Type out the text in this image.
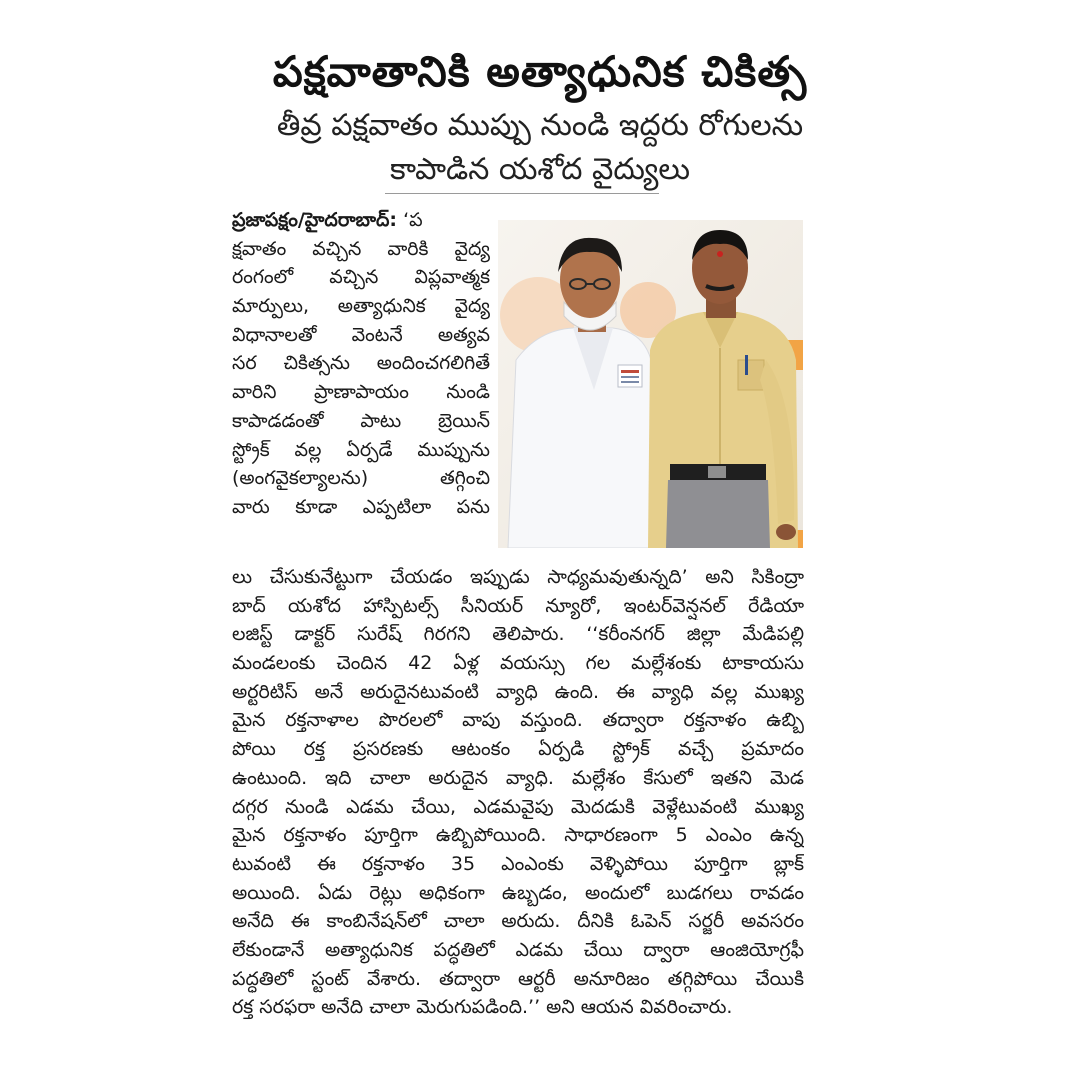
పక్షవాతానికి అత్యాధునిక చికిత్స
తీవ్ర పక్షవాతం ముప్పు నుండి ఇద్దరు రోగులను
కాపాడిన యశోద వైద్యులు
ప్రజాపక్షం/హైదరాబాద్: ‘ప
క్షవాతం వచ్చిన వారికి వైద్య
రంగంలో వచ్చిన విప్లవాత్మక
మార్పులు, అత్యాధునిక వైద్య
విధానాలతో వెంటనే అత్యవ
సర చికిత్సను అందించగలిగితే
వారిని ప్రాణాపాయం నుండి
కాపాడడంతో పాటు బ్రెయిన్
స్ట్రోక్ వల్ల ఏర్పడే ముప్పును
(అంగవైకల్యాలను) తగ్గించి
వారు కూడా ఎప్పటిలా పను
లు చేసుకునేట్టుగా చేయడం ఇప్పుడు సాధ్యమవుతున్నది’ అని సికింద్రా
బాద్ యశోద హాస్పిటల్స్ సీనియర్ న్యూరో, ఇంటర్‌వెన్షనల్ రేడియా
లజిస్ట్ డాక్టర్ సురేష్ గిరగని తెలిపారు. ‘‘కరీంనగర్ జిల్లా మేడిపల్లి
మండలంకు చెందిన 42 ఏళ్ల వయస్సు గల మల్లేశంకు టాకాయసు
అర్టరిటిస్ అనే అరుదైనటువంటి వ్యాధి ఉంది. ఈ వ్యాధి వల్ల ముఖ్య
మైన రక్తనాళాల పొరలలో వాపు వస్తుంది. తద్వారా రక్తనాళం ఉబ్బి
పోయి రక్త ప్రసరణకు ఆటంకం ఏర్పడి స్ట్రోక్ వచ్చే ప్రమాదం
ఉంటుంది. ఇది చాలా అరుదైన వ్యాధి. మల్లేశం కేసులో ఇతని మెడ
దగ్గర నుండి ఎడమ చేయి, ఎడమవైపు మెదడుకి వెళ్లేటువంటి ముఖ్య
మైన రక్తనాళం పూర్తిగా ఉబ్బిపోయింది. సాధారణంగా 5 ఎంఎం ఉన్న
టువంటి ఈ రక్తనాళం 35 ఎంఎంకు వెళ్ళిపోయి పూర్తిగా బ్లాక్
అయింది. ఏడు రెట్లు అధికంగా ఉబ్బడం, అందులో బుడగలు రావడం
అనేది ఈ కాంబినేషన్‌లో చాలా అరుదు. దీనికి ఓపెన్ సర్జరీ అవసరం
లేకుండానే అత్యాధునిక పద్ధతిలో ఎడమ చేయి ద్వారా ఆంజియోగ్రఫీ
పద్ధతిలో స్టంట్ వేశారు. తద్వారా ఆర్టరీ అనూరిజం తగ్గిపోయి చేయికి
రక్త సరఫరా అనేది చాలా మెరుగుపడింది.’’ అని ఆయన వివరించారు.
